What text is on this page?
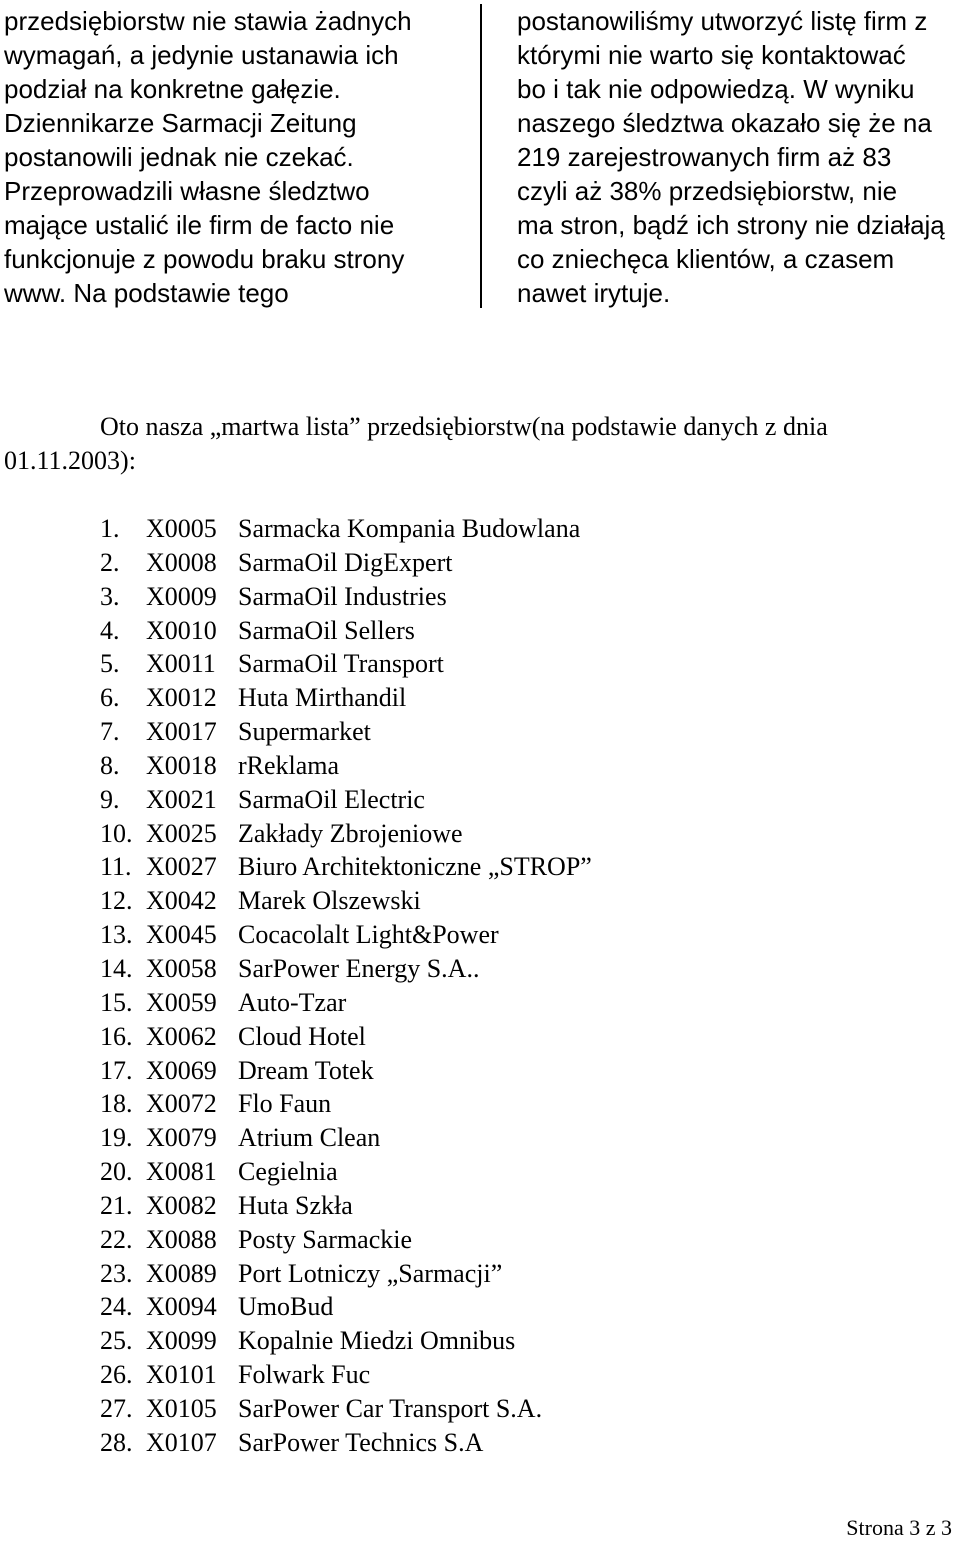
przedsiębiorstw nie stawia żadnych
wymagań, a jedynie ustanawia ich
podział na konkretne gałęzie.
Dziennikarze Sarmacji Zeitung
postanowili jednak nie czekać.
Przeprowadzili własne śledztwo
mające ustalić ile firm de facto nie
funkcjonuje z powodu braku strony
www. Na podstawie tego
postanowiliśmy utworzyć listę firm z
którymi nie warto się kontaktować
bo i tak nie odpowiedzą. W wyniku
naszego śledztwa okazało się że na
219 zarejestrowanych firm aż 83
czyli aż 38% przedsiębiorstw, nie
ma stron, bądź ich strony nie działają
co zniechęca klientów, a czasem
nawet irytuje.
Oto nasza „martwa lista” przedsiębiorstw(na podstawie danych z dnia
01.11.2003):
1.	X0005 Sarmacka Kompania Budowlana
2.	X0008 SarmaOil DigExpert
3.	X0009 SarmaOil Industries
4.	X0010 SarmaOil Sellers
5.	X0011 SarmaOil Transport
6.	X0012 Huta Mirthandil
7.	X0017 Supermarket
8.	X0018 rReklama
9.	X0021 SarmaOil Electric
10. X0025 Zakłady Zbrojeniowe
11. X0027 Biuro Architektoniczne „STROP”
12. X0042 Marek Olszewski
13. X0045 Cocacolalt Light&Power
14. X0058 SarPower Energy S.A..
15. X0059 Auto-Tzar
16. X0062 Cloud Hotel
17. X0069 Dream Totek
18. X0072 Flo Faun
19. X0079 Atrium Clean
20. X0081 Cegielnia
21. X0082 Huta Szkła
22. X0088 Posty Sarmackie
23. X0089 Port Lotniczy „Sarmacji”
24. X0094 UmoBud
25. X0099 Kopalnie Miedzi Omnibus
26. X0101 Folwark Fuc
27. X0105 SarPower Car Transport S.A.
28. X0107 SarPower Technics S.A
Strona 3 z 3
